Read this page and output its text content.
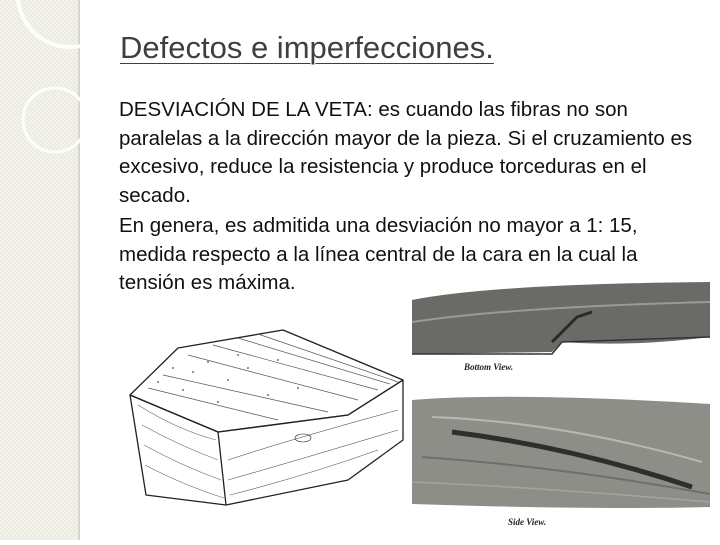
Defectos e imperfecciones.

DESVIACIÓN DE LA VETA: es cuando las fibras no son paralelas a la dirección mayor de la pieza. Si el cruzamiento es excesivo, reduce la resistencia y produce torceduras en el secado.

En genera, es admitida una desviación no mayor a 1: 15, medida respecto a la línea central de la cara en la cual la tensión es máxima.

Bottom View.
Side View.
